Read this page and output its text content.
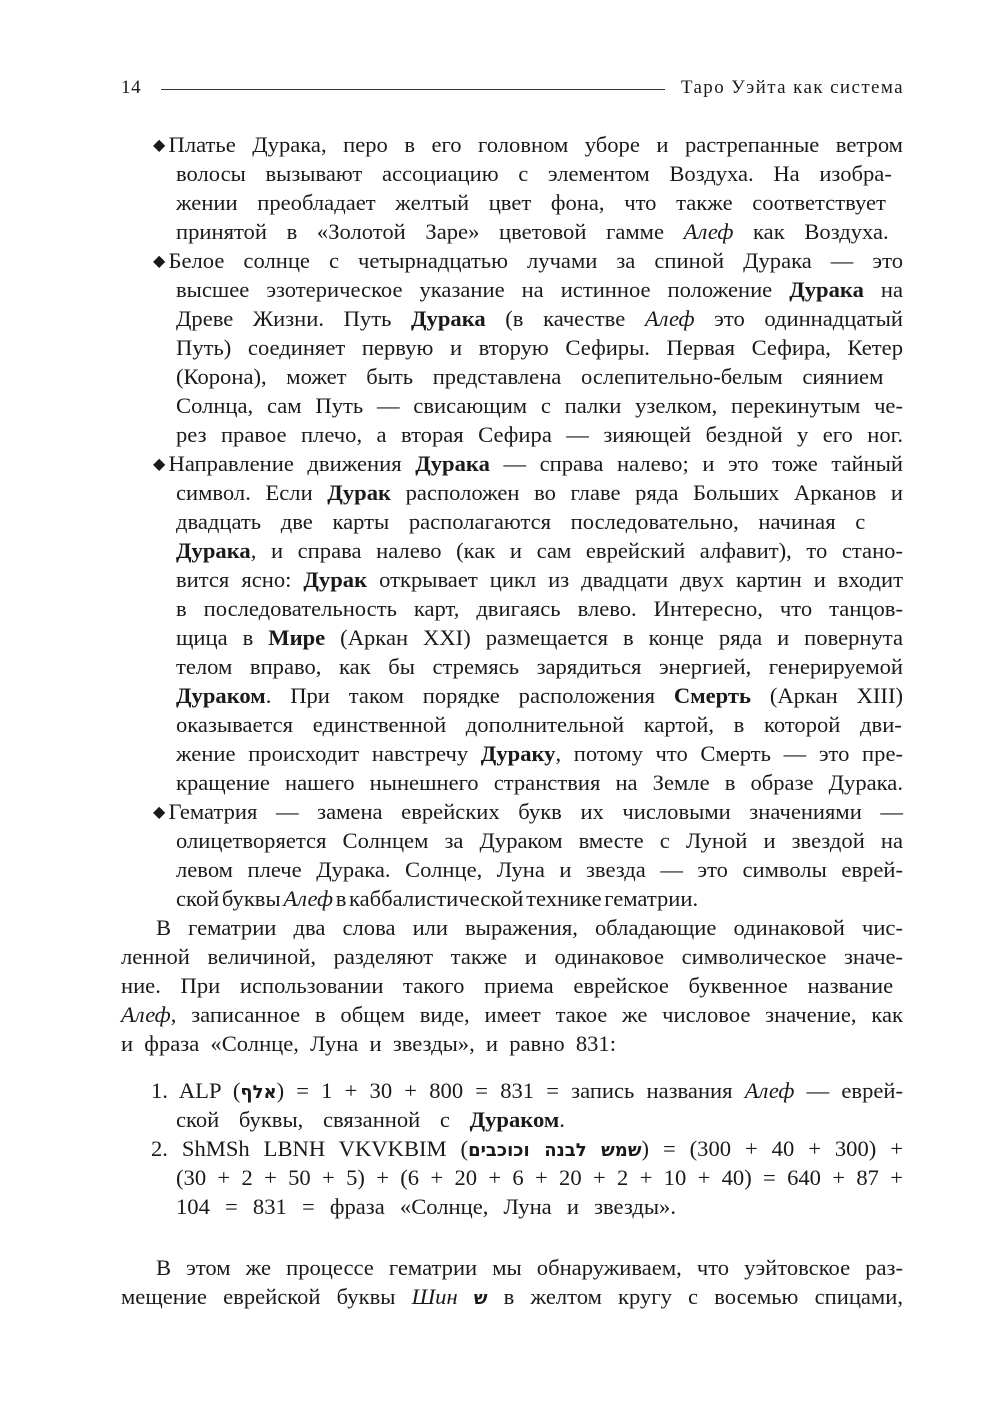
14	Таро Уэйта как система
◆ Платье Дурака, перо в его головном уборе и растрепанные ветром
волосы вызывают ассоциацию с элементом Воздуха. На изобра-
жении преобладает желтый цвет фона, что также соответствует
принятой в «Золотой Заре» цветовой гамме Алеф как Воздуха.
◆ Белое солнце с четырнадцатью лучами за спиной Дурака — это
высшее эзотерическое указание на истинное положение Дурака на
Древе Жизни. Путь Дурака (в качестве Алеф это одиннадцатый
Путь) соединяет первую и вторую Сефиры. Первая Сефира, Кетер
(Корона), может быть представлена ослепительно-белым сиянием
Солнца, сам Путь — свисающим с палки узелком, перекинутым че-
рез правое плечо, а вторая Сефира — зияющей бездной у его ног.
◆ Направление движения Дурака — справа налево; и это тоже тайный
символ. Если Дурак расположен во главе ряда Больших Арканов и
двадцать две карты располагаются последовательно, начиная с
Дурака, и справа налево (как и сам еврейский алфавит), то стано-
вится ясно: Дурак открывает цикл из двадцати двух картин и входит
в последовательность карт, двигаясь влево. Интересно, что танцов-
щица в Мире (Аркан XXI) размещается в конце ряда и повернута
телом вправо, как бы стремясь зарядиться энергией, генерируемой
Дураком. При таком порядке расположения Смерть (Аркан XIII)
оказывается единственной дополнительной картой, в которой дви-
жение происходит навстречу Дураку, потому что Смерть — это пре-
кращение нашего нынешнего странствия на Земле в образе Дурака.
◆ Гематрия — замена еврейских букв их числовыми значениями —
олицетворяется Солнцем за Дураком вместе с Луной и звездой на
левом плече Дурака. Солнце, Луна и звезда — это символы еврей-
ской буквы Алеф в каббалистической технике гематрии.
В гематрии два слова или выражения, обладающие одинаковой чис-
ленной величиной, разделяют также и одинаковое символическое значе-
ние. При использовании такого приема еврейское буквенное название
Алеф, записанное в общем виде, имеет такое же числовое значение, как
и фраза «Солнце, Луна и звезды», и равно 831:
1. ALP (אלף) = 1 + 30 + 800 = 831 = запись названия Алеф — еврей-
ской буквы, связанной с Дураком.
2. ShMSh LBNH VKVKBIM (שמש לבנה וכוכבים) = (300 + 40 + 300) +
(30 + 2 + 50 + 5) + (6 + 20 + 6 + 20 + 2 + 10 + 40) = 640 + 87 +
104 = 831 = фраза «Солнце, Луна и звезды».
В этом же процессе гематрии мы обнаруживаем, что уэйтовское раз-
мещение еврейской буквы Шин ש в желтом кругу с восемью спицами,
